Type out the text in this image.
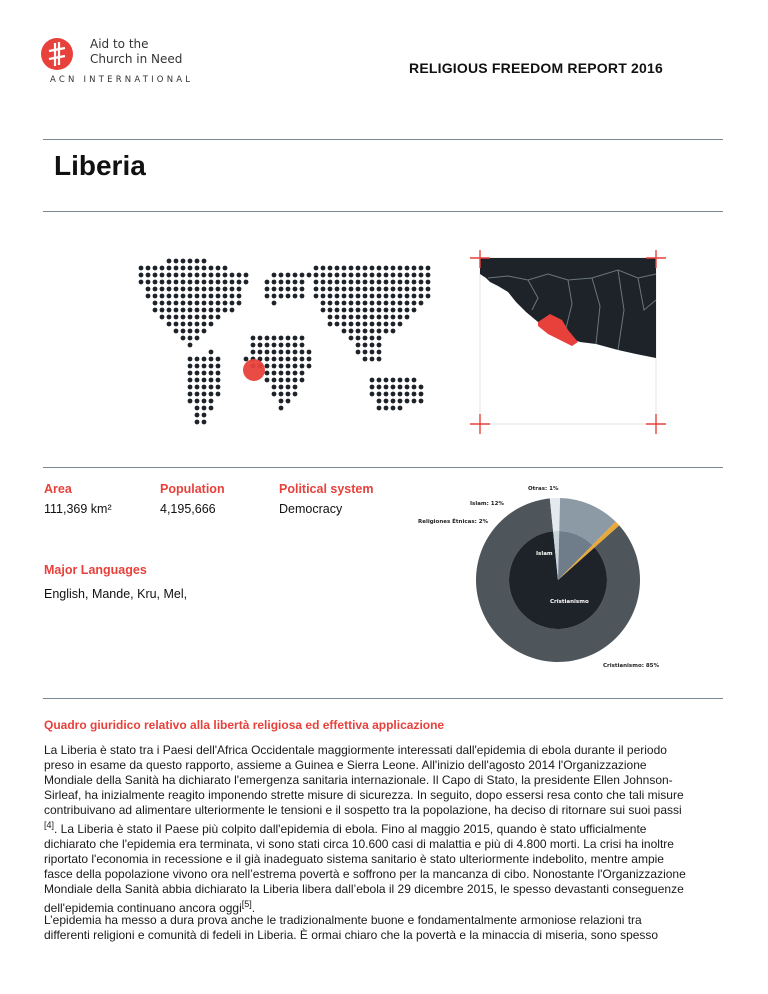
Aid to the
Church in Need
ACN INTERNATIONAL
RELIGIOUS FREEDOM REPORT 2016
Liberia
Area
111,369 km²
Population
4,195,666
Political system
Democracy
Major Languages
English, Mande, Kru, Mel,
Cristianismo: 85%
Religiones Étnicas: 2%
Islam: 12%
Otras: 1%
Islam
Cristianismo
Quadro giuridico relativo alla libertà religiosa ed effettiva applicazione
La Liberia è stato tra i Paesi dell'Africa Occidentale maggiormente interessati dall'epidemia di ebola durante il periodo
preso in esame da questo rapporto, assieme a Guinea e Sierra Leone. All'inizio dell'agosto 2014 l'Organizzazione
Mondiale della Sanità ha dichiarato l'emergenza sanitaria internazionale. Il Capo di Stato, la presidente Ellen Johnson-
Sirleaf, ha inizialmente reagito imponendo strette misure di sicurezza. In seguito, dopo essersi resa conto che tali misure
contribuivano ad alimentare ulteriormente le tensioni e il sospetto tra la popolazione, ha deciso di ritornare sui suoi passi
[4]. La Liberia è stato il Paese più colpito dall'epidemia di ebola. Fino al maggio 2015, quando è stato ufficialmente
dichiarato che l'epidemia era terminata, vi sono stati circa 10.600 casi di malattia e più di 4.800 morti. La crisi ha inoltre
riportato l'economia in recessione e il già inadeguato sistema sanitario è stato ulteriormente indebolito, mentre ampie
fasce della popolazione vivono ora nell’estrema povertà e soffrono per la mancanza di cibo. Nonostante l'Organizzazione
Mondiale della Sanità abbia dichiarato la Liberia libera dall’ebola il 29 dicembre 2015, le spesso devastanti conseguenze
dell'epidemia continuano ancora oggi[5].
L’epidemia ha messo a dura prova anche le tradizionalmente buone e fondamentalmente armoniose relazioni tra
differenti religioni e comunità di fedeli in Liberia. È ormai chiaro che la povertà e la minaccia di miseria, sono spesso
